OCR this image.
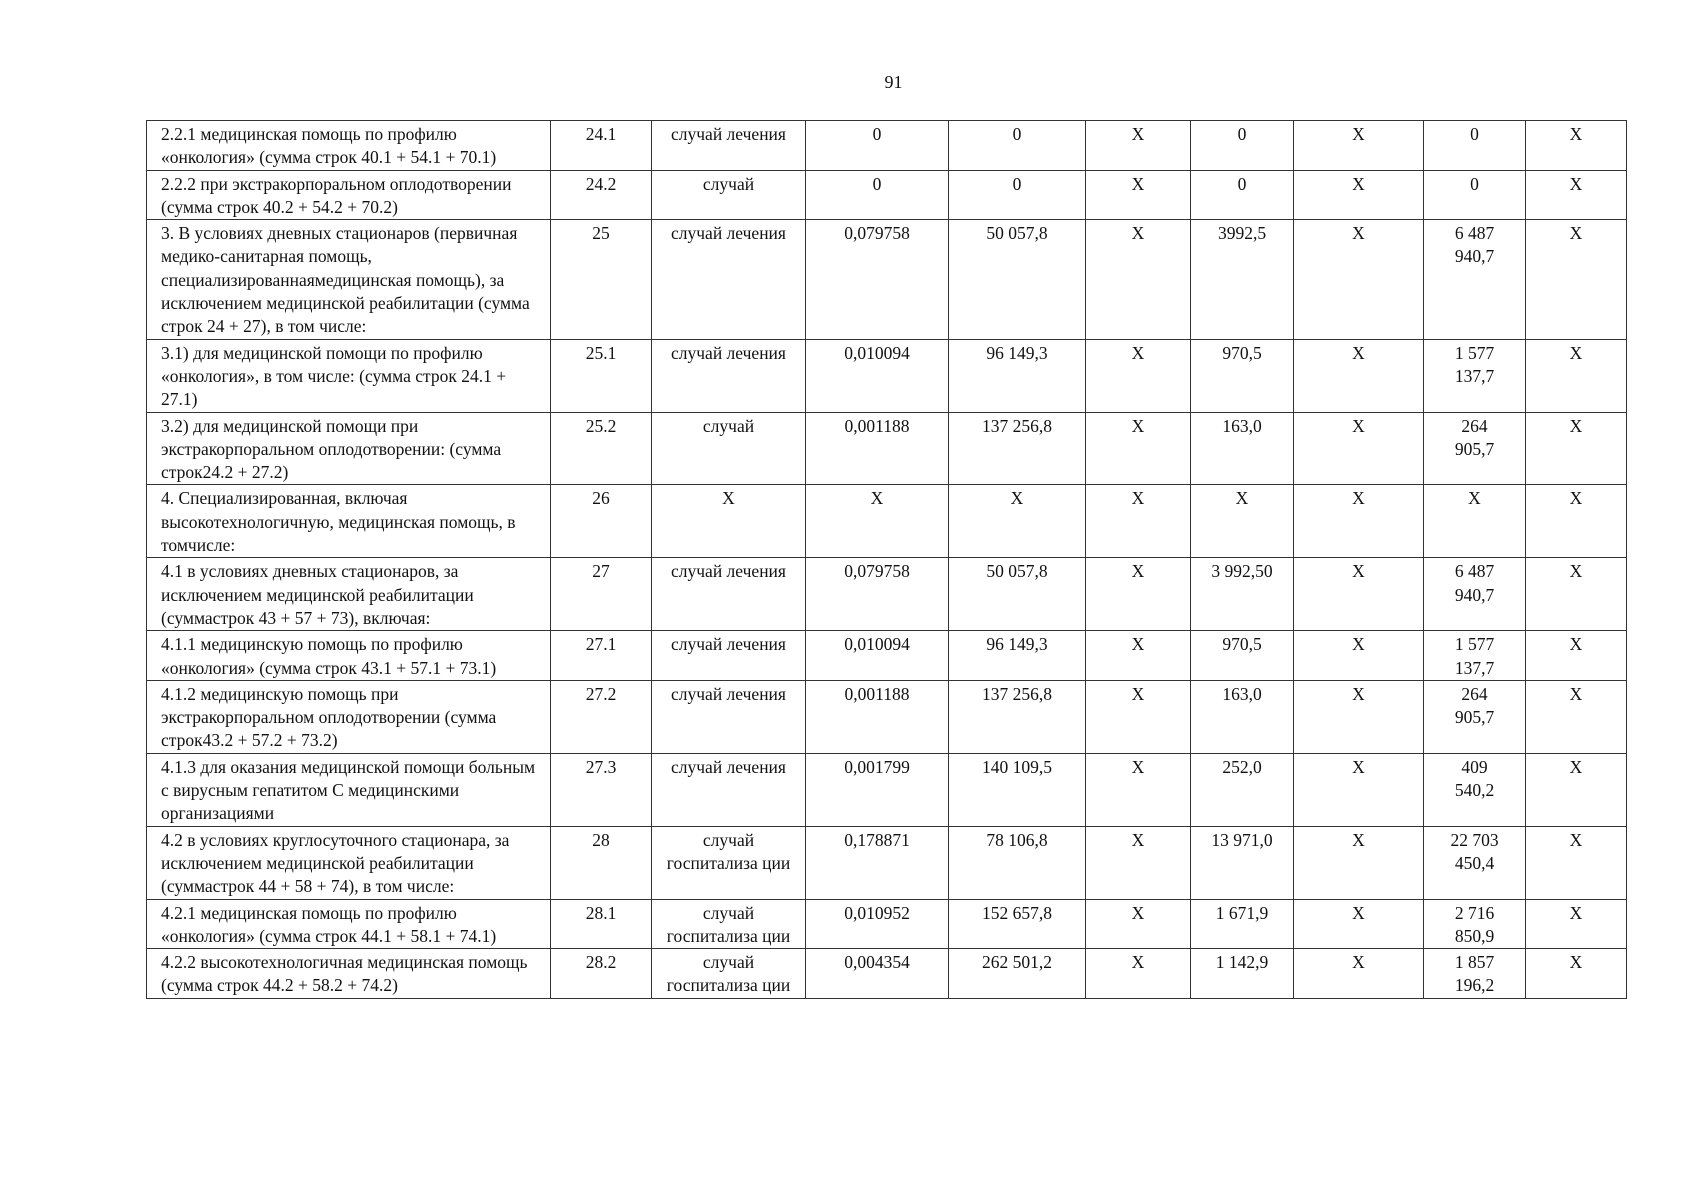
91
2.2.1 медицинская помощь по профилю «онкология» (сумма строк 40.1 + 54.1 + 70.1)	24.1	случай лечения	0	0	Х	0	Х	0	Х
2.2.2 при экстракорпоральном оплодотворении (сумма строк 40.2 + 54.2 + 70.2)	24.2	случай	0	0	Х	0	Х	0	Х
3. В условиях дневных стационаров (первичная медико-санитарная помощь, специализированнаямедицинская помощь), за исключением медицинской реабилитации (сумма строк 24 + 27), в том числе:	25	случай лечения	0,079758	50 057,8	Х	3992,5	Х	6 487 940,7	Х
3.1) для медицинской помощи по профилю «онкология», в том числе: (сумма строк 24.1 + 27.1)	25.1	случай лечения	0,010094	96 149,3	Х	970,5	Х	1 577 137,7	Х
3.2) для медицинской помощи при экстракорпоральном оплодотворении: (сумма строк24.2 + 27.2)	25.2	случай	0,001188	137 256,8	Х	163,0	Х	264 905,7	Х
4. Специализированная, включая высокотехнологичную, медицинская помощь, в томчисле:	26	Х	Х	Х	Х	Х	Х	Х	Х
4.1 в условиях дневных стационаров, за исключением медицинской реабилитации (суммастрок 43 + 57 + 73), включая:	27	случай лечения	0,079758	50 057,8	Х	3 992,50	Х	6 487 940,7	Х
4.1.1 медицинскую помощь по профилю «онкология» (сумма строк 43.1 + 57.1 + 73.1)	27.1	случай лечения	0,010094	96 149,3	Х	970,5	Х	1 577 137,7	Х
4.1.2 медицинскую помощь при экстракорпоральном оплодотворении (сумма строк43.2 + 57.2 + 73.2)	27.2	случай лечения	0,001188	137 256,8	Х	163,0	Х	264 905,7	Х
4.1.3 для оказания медицинской помощи больным с вирусным гепатитом С медицинскими организациями	27.3	случай лечения	0,001799	140 109,5	Х	252,0	Х	409 540,2	Х
4.2 в условиях круглосуточного стационара, за исключением медицинской реабилитации (суммастрок 44 + 58 + 74), в том числе:	28	случай госпитализа ции	0,178871	78 106,8	Х	13 971,0	Х	22 703 450,4	Х
4.2.1 медицинская помощь по профилю «онкология» (сумма строк 44.1 + 58.1 + 74.1)	28.1	случай госпитализа ции	0,010952	152 657,8	Х	1 671,9	Х	2 716 850,9	Х
4.2.2 высокотехнологичная медицинская помощь (сумма строк 44.2 + 58.2 + 74.2)	28.2	случай госпитализа ции	0,004354	262 501,2	Х	1 142,9	Х	1 857 196,2	Х
